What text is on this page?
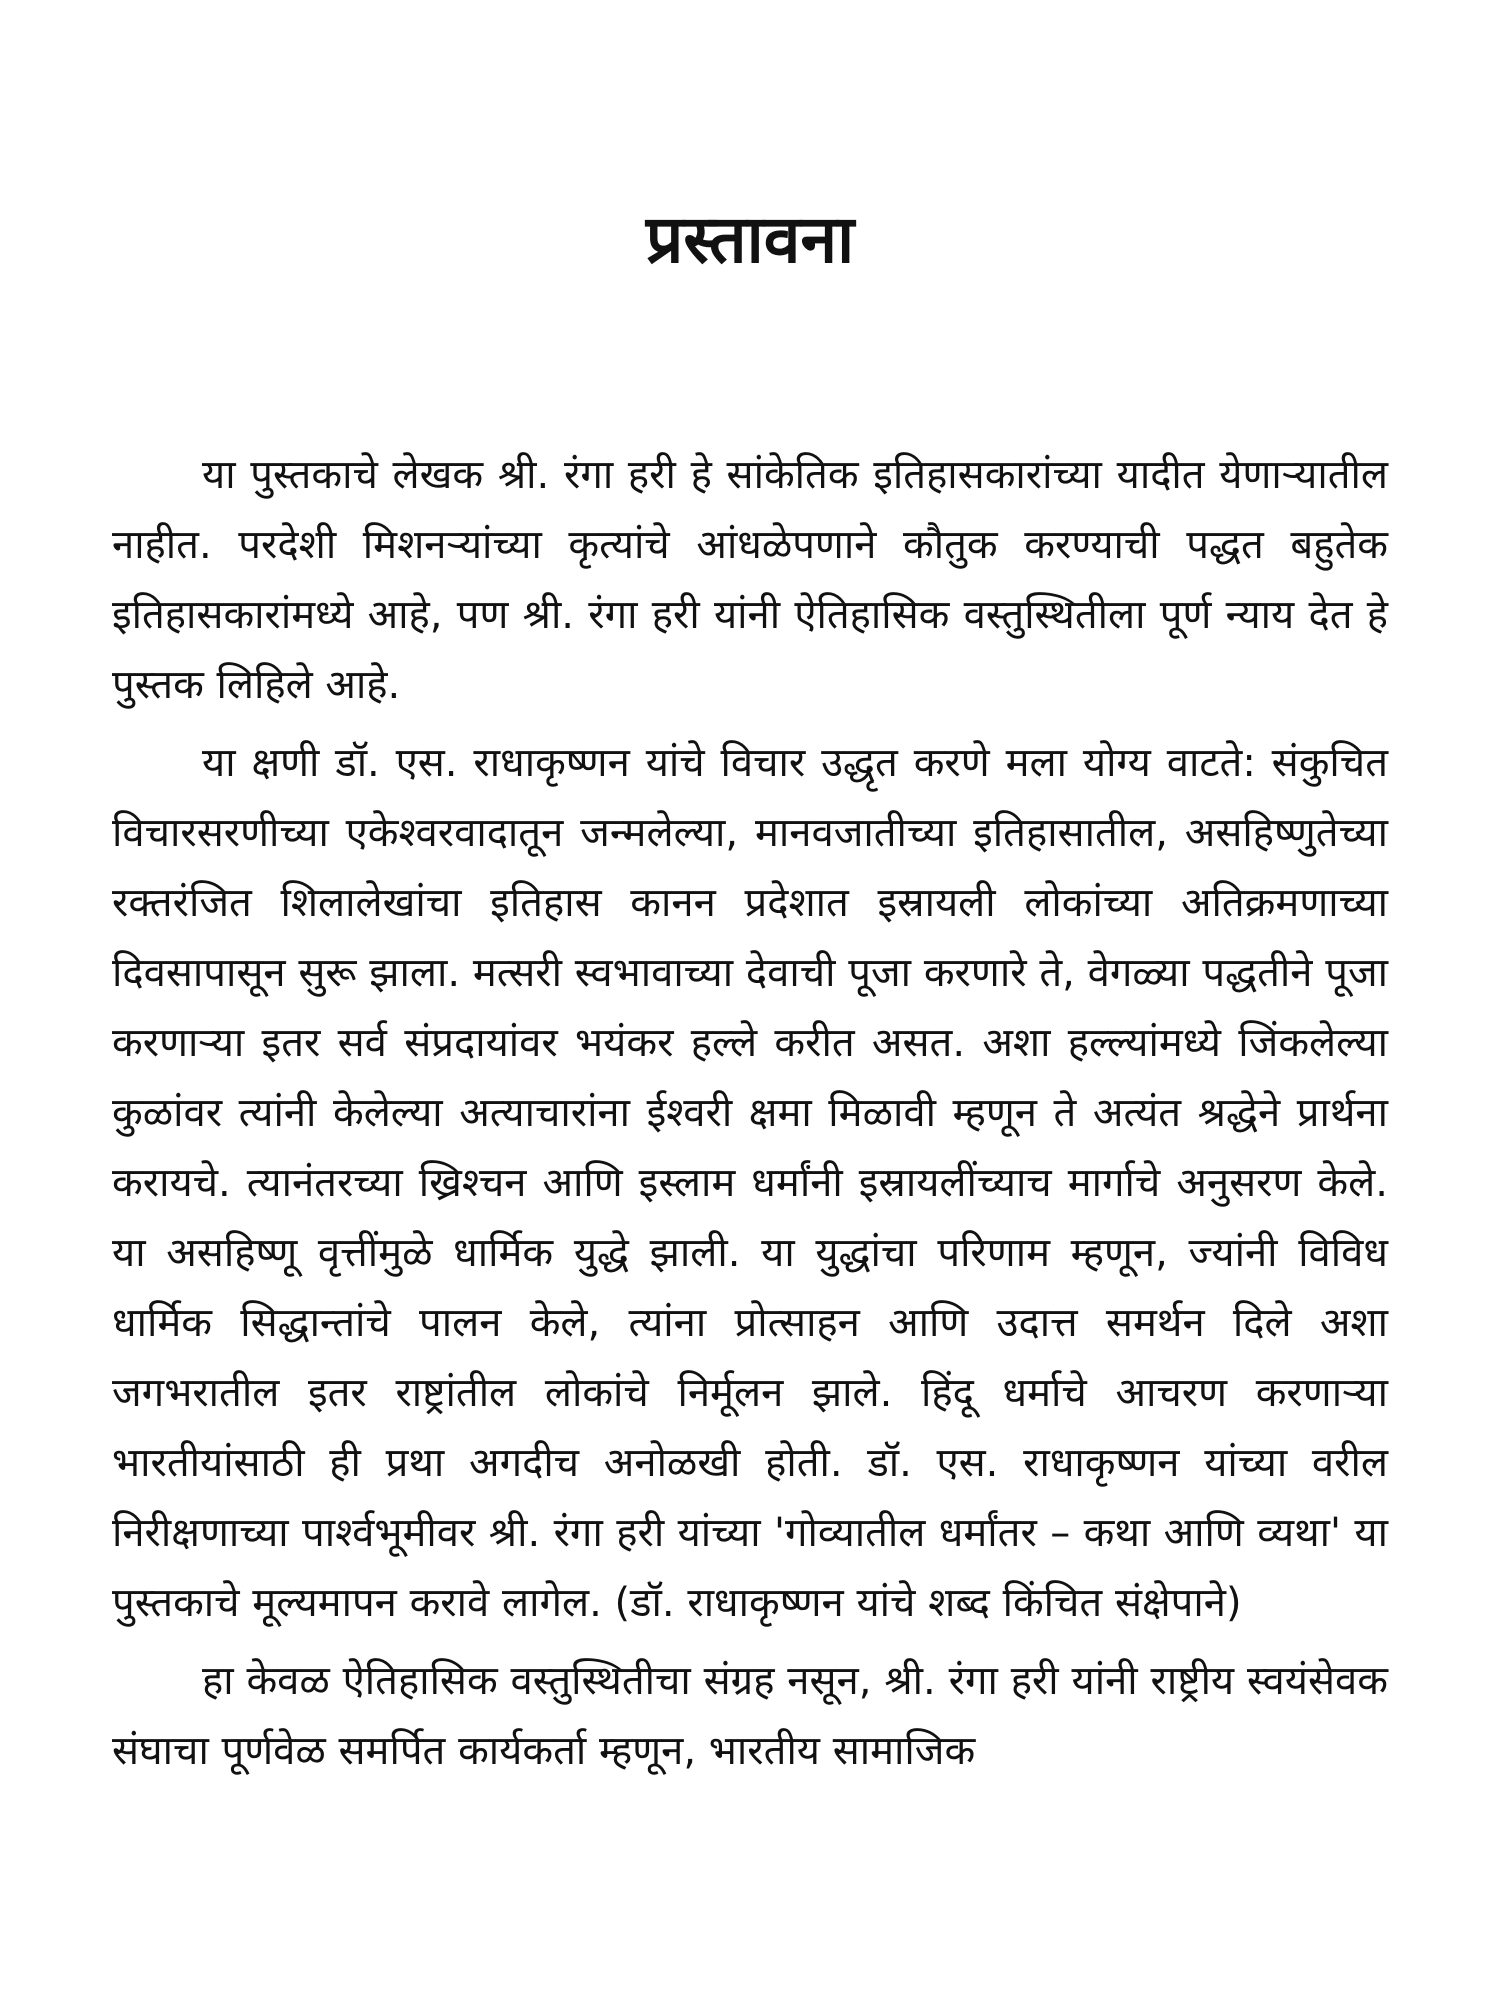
प्रस्तावना

या पुस्तकाचे लेखक श्री. रंगा हरी हे सांकेतिक इतिहासकारांच्या यादीत येणाऱ्यातील नाहीत. परदेशी मिशनऱ्यांच्या कृत्यांचे आंधळेपणाने कौतुक करण्याची पद्धत बहुतेक इतिहासकारांमध्ये आहे, पण श्री. रंगा हरी यांनी ऐतिहासिक वस्तुस्थितीला पूर्ण न्याय देत हे पुस्तक लिहिले आहे.

या क्षणी डॉ. एस. राधाकृष्णन यांचे विचार उद्धृत करणे मला योग्य वाटते: संकुचित विचारसरणीच्या एकेश्वरवादातून जन्मलेल्या, मानवजातीच्या इतिहासातील, असहिष्णुतेच्या रक्तरंजित शिलालेखांचा इतिहास कानन प्रदेशात इस्रायली लोकांच्या अतिक्रमणाच्या दिवसापासून सुरू झाला. मत्सरी स्वभावाच्या देवाची पूजा करणारे ते, वेगळ्या पद्धतीने पूजा करणाऱ्या इतर सर्व संप्रदायांवर भयंकर हल्ले करीत असत. अशा हल्ल्यांमध्ये जिंकलेल्या कुळांवर त्यांनी केलेल्या अत्याचारांना ईश्वरी क्षमा मिळावी म्हणून ते अत्यंत श्रद्धेने प्रार्थना करायचे. त्यानंतरच्या ख्रिश्चन आणि इस्लाम धर्मांनी इस्रायलींच्याच मार्गाचे अनुसरण केले. या असहिष्णू वृत्तींमुळे धार्मिक युद्धे झाली. या युद्धांचा परिणाम म्हणून, ज्यांनी विविध धार्मिक सिद्धान्तांचे पालन केले, त्यांना प्रोत्साहन आणि उदात्त समर्थन दिले अशा जगभरातील इतर राष्ट्रांतील लोकांचे निर्मूलन झाले. हिंदू धर्माचे आचरण करणाऱ्या भारतीयांसाठी ही प्रथा अगदीच अनोळखी होती. डॉ. एस. राधाकृष्णन यांच्या वरील निरीक्षणाच्या पार्श्वभूमीवर श्री. रंगा हरी यांच्या 'गोव्यातील धर्मांतर – कथा आणि व्यथा' या पुस्तकाचे मूल्यमापन करावे लागेल. (डॉ. राधाकृष्णन यांचे शब्द किंचित संक्षेपाने)

हा केवळ ऐतिहासिक वस्तुस्थितीचा संग्रह नसून, श्री. रंगा हरी यांनी राष्ट्रीय स्वयंसेवक संघाचा पूर्णवेळ समर्पित कार्यकर्ता म्हणून, भारतीय सामाजिक
